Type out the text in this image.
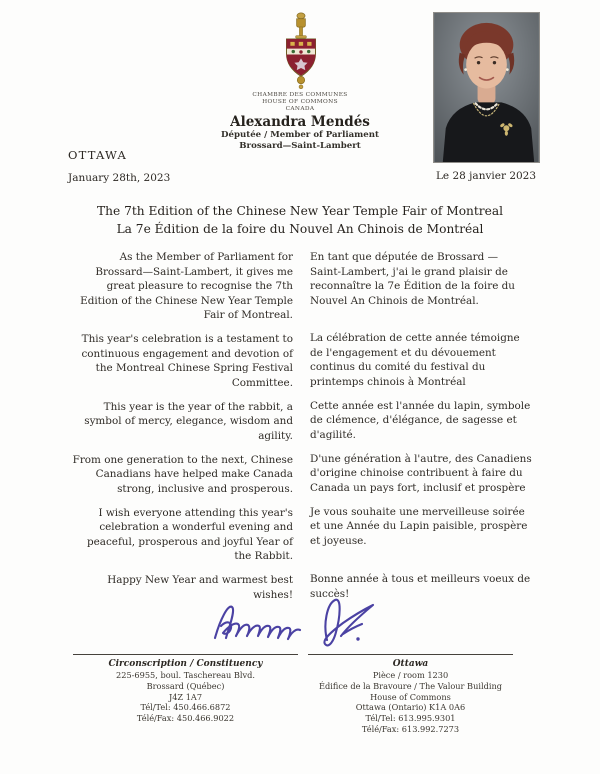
CHAMBRE DES COMMUNES
HOUSE OF COMMONS
CANADA
Alexandra Mendés
Députée / Member of Parliament
Brossard—Saint-Lambert
OTTAWA
January 28th, 2023	Le 28 janvier 2023
The 7th Edition of the Chinese New Year Temple Fair of Montreal
La 7e Édition de la foire du Nouvel An Chinois de Montréal

As the Member of Parliament for Brossard—Saint-Lambert, it gives me great pleasure to recognise the 7th Edition of the Chinese New Year Temple Fair of Montreal.

This year's celebration is a testament to continuous engagement and devotion of the Montreal Chinese Spring Festival Committee.

This year is the year of the rabbit, a symbol of mercy, elegance, wisdom and agility.

From one generation to the next, Chinese Canadians have helped make Canada strong, inclusive and prosperous.

I wish everyone attending this year's celebration a wonderful evening and peaceful, prosperous and joyful Year of the Rabbit.

Happy New Year and warmest best wishes!

En tant que députée de Brossard — Saint-Lambert, j'ai le grand plaisir de reconnaître la 7e Édition de la foire du Nouvel An Chinois de Montréal.

La célébration de cette année témoigne de l'engagement et du dévouement continus du comité du festival du printemps chinois à Montréal

Cette année est l'année du lapin, symbole de clémence, d'élégance, de sagesse et d'agilité.

D'une génération à l'autre, des Canadiens d'origine chinoise contribuent à faire du Canada un pays fort, inclusif et prospère

Je vous souhaite une merveilleuse soirée et une Année du Lapin paisible, prospère et joyeuse.

Bonne année à tous et meilleurs voeux de succès!

Circonscription / Constituency
225-6955, boul. Taschereau Blvd.
Brossard (Québec)
J4Z 1A7
Tél/Tel: 450.466.6872
Télé/Fax: 450.466.9022
Ottawa
Pièce / room 1230
Édifice de la Bravoure / The Valour Building
House of Commons
Ottawa (Ontario) K1A 0A6
Tél/Tel: 613.995.9301
Télé/Fax: 613.992.7273
